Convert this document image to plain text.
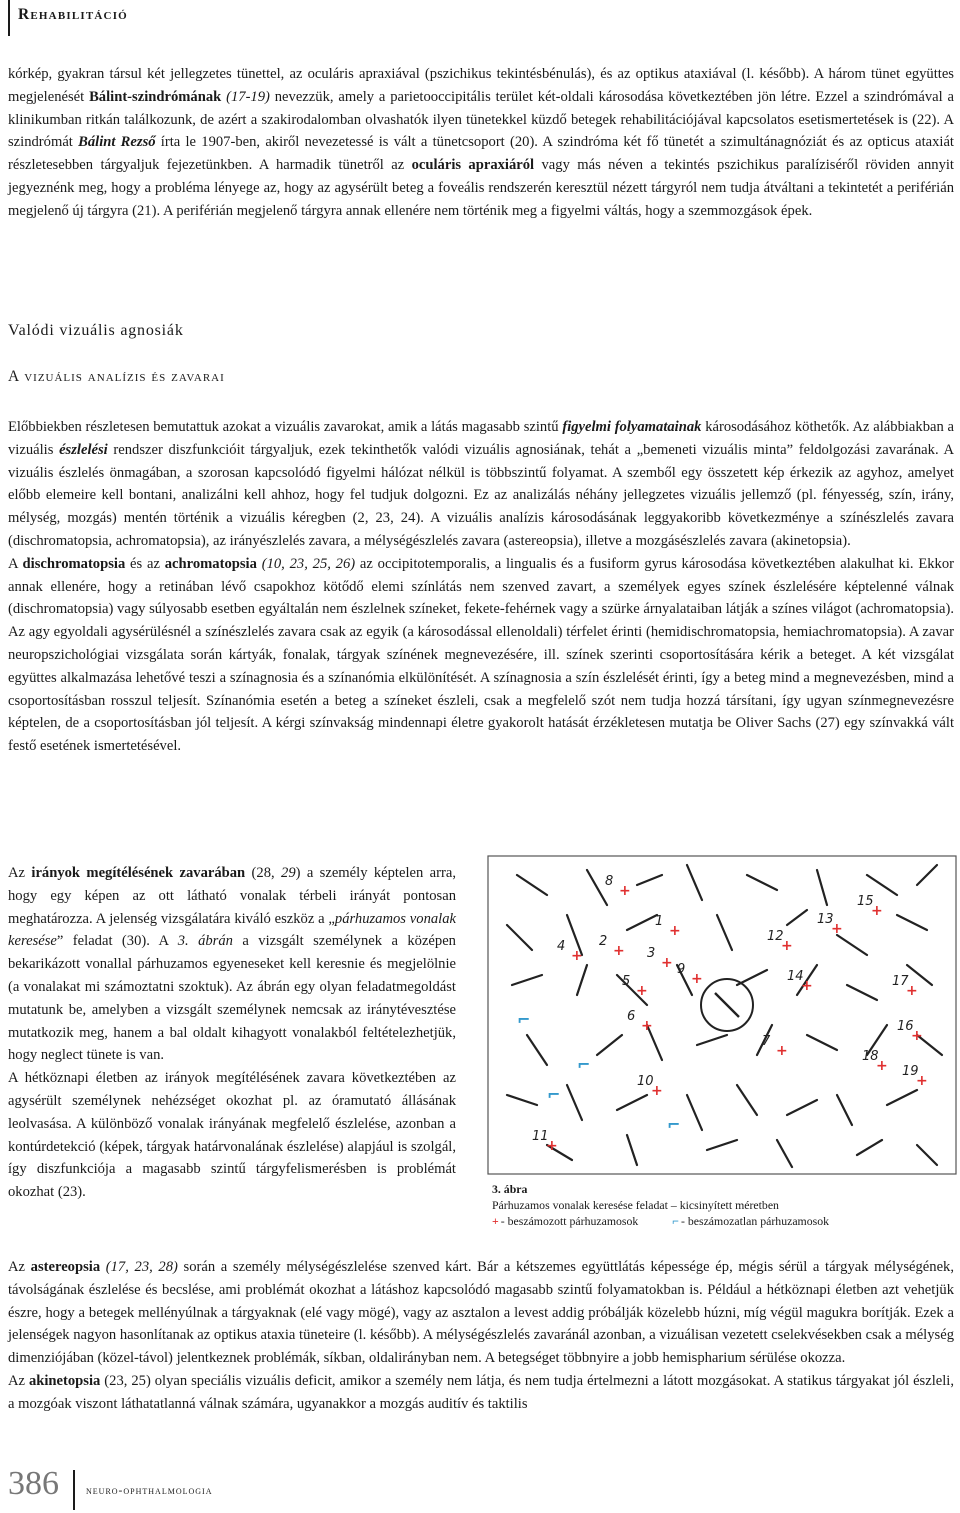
Rehabilitáció

kórkép, gyakran társul két jellegzetes tünettel, az oculáris apraxiával (pszichikus tekintésbénulás), és az optikus ataxiával (l. később). A három tünet együttes megjelenését Bálint-szindrómának (17-19) nevezzük, amely a parietooccipitális terület két-oldali károsodása következtében jön létre. Ezzel a szindrómával a klinikumban ritkán találkozunk, de azért a szakirodalomban olvashatók ilyen tünetekkel küzdő betegek rehabilitációjával kapcsolatos esetismertetések is (22). A szindrómát Bálint Rezső írta le 1907-ben, akiről nevezetessé is vált a tünetcsoport (20). A szindróma két fő tünetét a szimultánagnóziát és az opticus ataxiát részletesebben tárgyaljuk fejezetünkben. A harmadik tünetről az oculáris apraxiáról vagy más néven a tekintés pszichikus paralíziséről röviden annyit jegyeznénk meg, hogy a probléma lényege az, hogy az agysérült beteg a foveális rendszerén keresztül nézett tárgyról nem tudja átváltani a tekintetét a periférián megjelenő új tárgyra (21). A periférián megjelenő tárgyra annak ellenére nem történik meg a figyelmi váltás, hogy a szemmozgások épek.

Valódi vizuális agnosiák
A vizuális analízis és zavarai

Előbbiekben részletesen bemutattuk azokat a vizuális zavarokat, amik a látás magasabb szintű figyelmi folyamatainak károsodásához köthetők. Az alábbiakban a vizuális észlelési rendszer diszfunkcióit tárgyaljuk, ezek tekinthetők valódi vizuális agnosiának, tehát a „bemeneti vizuális minta” feldolgozási zavarának. A vizuális észlelés önmagában, a szorosan kapcsolódó figyelmi hálózat nélkül is többszintű folyamat. A szemből egy összetett kép érkezik az agyhoz, amelyet előbb elemeire kell bontani, analizálni kell ahhoz, hogy fel tudjuk dolgozni. Ez az analizálás néhány jellegzetes vizuális jellemző (pl. fényesség, szín, irány, mélység, mozgás) mentén történik a vizuális kéregben (2, 23, 24). A vizuális analízis károsodásának leggyakoribb következménye a színészlelés zavara (dischromatopsia, achromatopsia), az irányészlelés zavara, a mélységészlelés zavara (astereopsia), illetve a mozgásészlelés zavara (akinetopsia).

A dischromatopsia és az achromatopsia (10, 23, 25, 26) az occipitotemporalis, a lingualis és a fusiform gyrus károsodása következtében alakulhat ki. Ekkor annak ellenére, hogy a retinában lévő csapokhoz kötődő elemi színlátás nem szenved zavart, a személyek egyes színek észlelésére képtelenné válnak (dischromatopsia) vagy súlyosabb esetben egyáltalán nem észlelnek színeket, fekete-fehérnek vagy a szürke árnyalataiban látják a színes világot (achromatopsia). Az agy egyoldali agysérülésnél a színészlelés zavara csak az egyik (a károsodással ellenoldali) térfelet érinti (hemidischromatopsia, hemiachromatopsia). A zavar neuropszichológiai vizsgálata során kártyák, fonalak, tárgyak színének megnevezésére, ill. színek szerinti csoportosítására kérik a beteget. A két vizsgálat együttes alkalmazása lehetővé teszi a színagnosia és a színanómia elkülönítését. A színagnosia a szín észlelését érinti, így a beteg mind a megnevezésben, mind a csoportosításban rosszul teljesít. Színanómia esetén a beteg a színeket észleli, csak a megfelelő szót nem tudja hozzá társítani, így ugyan színmegnevezésre képtelen, de a csoportosításban jól teljesít. A kérgi színvakság mindennapi életre gyakorolt hatását érzékletesen mutatja be Oliver Sachs (27) egy színvakká vált festő esetének ismertetésével.

Az irányok megítélésének zavarában (28, 29) a személy képtelen arra, hogy egy képen az ott látható vonalak térbeli irányát pontosan meghatározza. A jelenség vizsgálatára kiváló eszköz a „párhuzamos vonalak keresése” feladat (30). A 3. ábrán a vizsgált személynek a középen bekarikázott vonallal párhuzamos egyeneseket kell keresnie és megjelölnie (a vonalakat mi számoztatni szoktuk). Az ábrán egy olyan feladatmegoldást mutatunk be, amelyben a vizsgált személynek nemcsak az iránytévesztése mutatkozik meg, hanem a bal oldalt kihagyott vonalakból feltételezhetjük, hogy neglect tünete is van.

A hétköznapi életben az irányok megítélésének zavara következtében az agysérült személynek nehézséget okozhat pl. az óramutató állásának leolvasása. A különböző vonalak irányának megfelelő észlelése, azonban a kontúrdetekció (képek, tárgyak határvonalának észlelése) alapjául is szolgál, így diszfunkciója a magasabb szintű tárgyfelismerésben is problémát okozhat (23).

8
+
1
+
4
+
2
+ 3
+ 9
+
12
+
13
+
15
+
5
+
6
+
7
+
14
+	17
+
16
+
10
+
19
+
18
+
11
+
⌐
⌐
⌐
⌐
3. ábra
Párhuzamos vonalak keresése feladat – kicsinyített méretben
+ - beszámozott párhuzamosok	⌐ - beszámozatlan párhuzamosok

Az astereopsia (17, 23, 28) során a személy mélységészlelése szenved kárt. Bár a kétszemes együttlátás képessége ép, mégis sérül a tárgyak mélységének, távolságának észlelése és becslése, ami problémát okozhat a látáshoz kapcsolódó magasabb szintű folyamatokban is. Például a hétköznapi életben azt vehetjük észre, hogy a betegek mellényúlnak a tárgyaknak (elé vagy mögé), vagy az asztalon a levest addig próbálják közelebb húzni, míg végül magukra borítják. Ezek a jelenségek nagyon hasonlítanak az optikus ataxia tüneteire (l. később). A mélységészlelés zavaránál azonban, a vizuálisan vezetett cselekvésekben csak a mélység dimenziójában (közel-távol) jelentkeznek problémák, síkban, oldalirányban nem. A betegséget többnyire a jobb hemispharium sérülése okozza.

Az akinetopsia (23, 25) olyan speciális vizuális deficit, amikor a személy nem látja, és nem tudja értelmezni a látott mozgásokat. A statikus tárgyakat jól észleli, a mozgóak viszont láthatatlanná válnak számára, ugyanakkor a mozgás auditív és taktilis

386 neuro-ophthalmologia
